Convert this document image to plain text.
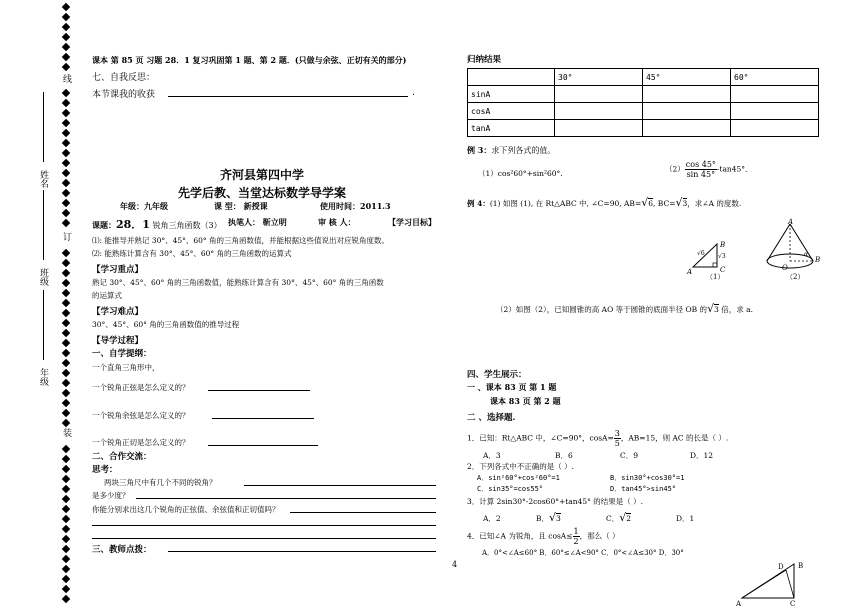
线
订
装
姓名
班级
年级
课本 第 85 页 习题 28．1 复习巩固第 1 题、第 2 题．(只做与余弦、正切有关的部分)
七、自我反思：
本节课我的收获	.
齐河县第四中学
先学后教、当堂达标数学导学案
年级：九年级	课 型： 新授课	使用时间：2011.3
课题：28．1 锐角三角函数（3） 执笔人： 靳立明	审 核 人：	【学习目标】
⑴: 能推导并熟记 30°、45°、60° 角的三角函数值，并能根据这些值说出对应锐角度数。
⑵: 能熟练计算含有 30°、45°、60° 角的三角函数的运算式
【学习重点】
熟记 30°、45°、60° 角的三角函数值，能熟练计算含有 30°、45°、60° 角的三角函数
的运算式
【学习难点】
30°、45°、60° 角的三角函数值的推导过程
【导学过程】
一、自学提纲：
一个直角三角形中，
一个锐角正弦是怎么定义的？
一个锐角余弦是怎么定义的？
一个锐角正切是怎么定义的？
二、合作交流：
思考：
两块三角尺中有几个不同的锐角？
是多少度？
你能分别求出这几个锐角的正弦值、余弦值和正切值吗？
三、教师点拨：
4
归纳结果
	30°	45°	60°
sinA			
cosA			
tanA			
例 3：求下列各式的值。
（1）cos²60°+sin²60°.	$(2) \frac{\cos 45^\circ}{\sin 45^\circ} -\tan 45^\circ$．
例 4：(1) 如图 (1), 在 Rt△ABC 中, ∠C=90, AB=√6, BC=√3，求∠A 的度数.
A
B
C
√6 √3
（1）
A
O
B
α
（2）
（2）如图（2），已知圆锥的高 AO 等于圆锥的底面半径 OB 的√3 倍，求 a.
四、学生展示：
一 、课本 83 页 第 1 题
课本 83 页 第 2 题
二 、选择题.
1．已知：Rt△ABC 中，∠C=90°，$\cos A= \frac{3}{5}$ ，AB=15，则 AC 的长是（ ）.
A．3	B．6	C．9	D．12
2．下列各式中不正确的是（ ）.
A．sin²60°+cos²60°=1	B．sin30°+cos30°=1
C．sin35°=cos55°	D．tan45°>sin45°
3．计算 2sin30°-2cos60°+tan45° 的结果是（ ）.
A．2	B．√3	C．√2	D．1
4．已知∠A 为锐角，且 $\cos A\le \frac{1}{2}$ ，那么（ ）
A．0°<∠A≤60° B．60°≤∠A<90° C．0°<∠A≤30° D．30°
A	C
B
D
